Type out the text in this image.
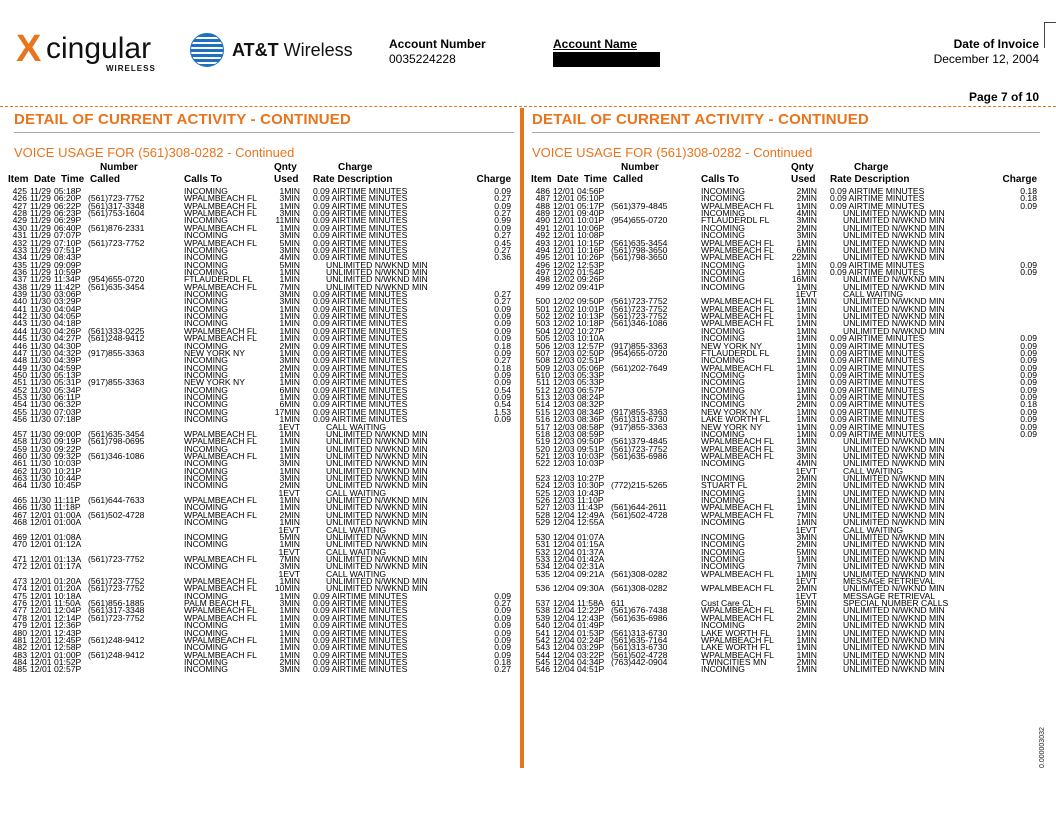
X cingular
WIRELESS
AT&T Wireless	Account Number
0035224228
Account Name	Date of Invoice
December 12, 2004
Page 7 of 10
DETAIL OF CURRENT ACTIVITY - CONTINUED
VOICE USAGE FOR (561)308-0282 - Continued
Number	Qnty	Charge
Item Date Time Called	Calls To	Used Rate Description	Charge
425 11/29 05:18P	INCOMING	1MIN 0.09 AIRTIME MINUTES	0.09
426 11/29 06:20P (561)723-7752	WPALMBEACH FL	3MIN 0.09 AIRTIME MINUTES	0.27
427 11/29 06:22P (561)317-3348	WPALMBEACH FL	1MIN 0.09 AIRTIME MINUTES	0.09
428 11/29 06:23P (561)753-1604	WPALMBEACH FL	3MIN 0.09 AIRTIME MINUTES	0.27
429 11/29 06:29P	INCOMING	11MIN 0.09 AIRTIME MINUTES	0.99
430 11/29 06:40P (561)876-2331	WPALMBEACH FL	1MIN 0.09 AIRTIME MINUTES	0.09
431 11/29 07:07P	INCOMING	3MIN 0.09 AIRTIME MINUTES	0.27
432 11/29 07:10P (561)723-7752	WPALMBEACH FL	5MIN 0.09 AIRTIME MINUTES	0.45
433 11/29 07:51P	INCOMING	3MIN 0.09 AIRTIME MINUTES	0.27
434 11/29 08:43P	INCOMING	4MIN 0.09 AIRTIME MINUTES	0.36
435 11/29 09:09P	INCOMING	5MIN	UNLIMITED N/WKND MIN
436 11/29 10:59P	INCOMING	1MIN	UNLIMITED N/WKND MIN
437 11/29 11:34P (954)655-0720	FTLAUDERDL FL	1MIN	UNLIMITED N/WKND MIN
438 11/29 11:42P (561)635-3454	WPALMBEACH FL	7MIN	UNLIMITED N/WKND MIN
439 11/30 03:06P	INCOMING	3MIN 0.09 AIRTIME MINUTES	0.27
440 11/30 03:29P	INCOMING	3MIN 0.09 AIRTIME MINUTES	0.27
441 11/30 04:04P	INCOMING	1MIN 0.09 AIRTIME MINUTES	0.09
442 11/30 04:05P	INCOMING	1MIN 0.09 AIRTIME MINUTES	0.09
443 11/30 04:18P	INCOMING	1MIN 0.09 AIRTIME MINUTES	0.09
444 11/30 04:26P (561)333-0225	WPALMBEACH FL	1MIN 0.09 AIRTIME MINUTES	0.09
445 11/30 04:27P (561)248-9412	WPALMBEACH FL	1MIN 0.09 AIRTIME MINUTES	0.09
446 11/30 04:30P	INCOMING	2MIN 0.09 AIRTIME MINUTES	0.18
447 11/30 04:32P (917)855-3363	NEW YORK NY	1MIN 0.09 AIRTIME MINUTES	0.09
448 11/30 04:39P	INCOMING	3MIN 0.09 AIRTIME MINUTES	0.27
449 11/30 04:59P	INCOMING	2MIN 0.09 AIRTIME MINUTES	0.18
450 11/30 05:13P	INCOMING	1MIN 0.09 AIRTIME MINUTES	0.09
451 11/30 05:31P (917)855-3363	NEW YORK NY	1MIN 0.09 AIRTIME MINUTES	0.09
452 11/30 05:34P	INCOMING	6MIN 0.09 AIRTIME MINUTES	0.54
453 11/30 06:11P	INCOMING	1MIN 0.09 AIRTIME MINUTES	0.09
454 11/30 06:32P	INCOMING	6MIN 0.09 AIRTIME MINUTES	0.54
455 11/30 07:03P	INCOMING	17MIN 0.09 AIRTIME MINUTES	1.53
456 11/30 07:18P	INCOMING	1MIN 0.09 AIRTIME MINUTES	0.09
1EVT	CALL WAITING
457 11/30 09:00P (561)635-3454	WPALMBEACH FL	1MIN	UNLIMITED N/WKND MIN
458 11/30 09:19P (561)798-0695	WPALMBEACH FL	1MIN	UNLIMITED N/WKND MIN
459 11/30 09:22P	INCOMING	1MIN	UNLIMITED N/WKND MIN
460 11/30 09:32P (561)346-1086	WPALMBEACH FL	1MIN	UNLIMITED N/WKND MIN
461 11/30 10:03P	INCOMING	3MIN	UNLIMITED N/WKND MIN
462 11/30 10:21P	INCOMING	1MIN	UNLIMITED N/WKND MIN
463 11/30 10:44P	INCOMING	3MIN	UNLIMITED N/WKND MIN
464 11/30 10:45P	INCOMING	2MIN	UNLIMITED N/WKND MIN
1EVT	CALL WAITING
465 11/30 11:11P (561)644-7633	WPALMBEACH FL	1MIN	UNLIMITED N/WKND MIN
466 11/30 11:18P	INCOMING	1MIN	UNLIMITED N/WKND MIN
467 12/01 01:00A (561)502-4728	WPALMBEACH FL	2MIN	UNLIMITED N/WKND MIN
468 12/01 01:00A	INCOMING	1MIN	UNLIMITED N/WKND MIN
1EVT	CALL WAITING
469 12/01 01:08A	INCOMING	5MIN	UNLIMITED N/WKND MIN
470 12/01 01:12A	INCOMING	1MIN	UNLIMITED N/WKND MIN
1EVT	CALL WAITING
471 12/01 01:13A (561)723-7752	WPALMBEACH FL	7MIN	UNLIMITED N/WKND MIN
472 12/01 01:17A	INCOMING	3MIN	UNLIMITED N/WKND MIN
1EVT	CALL WAITING
473 12/01 01:20A (561)723-7752	WPALMBEACH FL	1MIN	UNLIMITED N/WKND MIN
474 12/01 01:20A (561)723-7752	WPALMBEACH FL	10MIN	UNLIMITED N/WKND MIN
475 12/01 10:18A	INCOMING	1MIN 0.09 AIRTIME MINUTES	0.09
476 12/01 11:50A (561)856-1885	PALM BEACH FL	3MIN 0.09 AIRTIME MINUTES	0.27
477 12/01 12:04P (561)317-3348	WPALMBEACH FL	1MIN 0.09 AIRTIME MINUTES	0.09
478 12/01 12:14P (561)723-7752	WPALMBEACH FL	1MIN 0.09 AIRTIME MINUTES	0.09
479 12/01 12:36P	INCOMING	1MIN 0.09 AIRTIME MINUTES	0.09
480 12/01 12:43P	INCOMING	1MIN 0.09 AIRTIME MINUTES	0.09
481 12/01 12:45P (561)248-9412	WPALMBEACH FL	1MIN 0.09 AIRTIME MINUTES	0.09
482 12/01 12:58P	INCOMING	1MIN 0.09 AIRTIME MINUTES	0.09
483 12/01 01:00P (561)248-9412	WPALMBEACH FL	1MIN 0.09 AIRTIME MINUTES	0.09
484 12/01 01:52P	INCOMING	2MIN 0.09 AIRTIME MINUTES	0.18
485 12/01 02:57P	INCOMING	3MIN 0.09 AIRTIME MINUTES	0.27
DETAIL OF CURRENT ACTIVITY - CONTINUED
VOICE USAGE FOR (561)308-0282 - Continued
Number	Qnty	Charge
Item Date Time Called	Calls To	Used Rate Description	Charge
486 12/01 04:56P	INCOMING	2MIN 0.09 AIRTIME MINUTES	0.18
487 12/01 05:10P	INCOMING	2MIN 0.09 AIRTIME MINUTES	0.18
488 12/01 05:17P (561)379-4845	WPALMBEACH FL	1MIN 0.09 AIRTIME MINUTES	0.09
489 12/01 09:40P	INCOMING	4MIN	UNLIMITED N/WKND MIN
490 12/01 10:01P (954)655-0720	FTLAUDERDL FL	3MIN	UNLIMITED N/WKND MIN
491 12/01 10:06P	INCOMING	2MIN	UNLIMITED N/WKND MIN
492 12/01 10:08P	INCOMING	3MIN	UNLIMITED N/WKND MIN
493 12/01 10:15P (561)635-3454	WPALMBEACH FL	1MIN	UNLIMITED N/WKND MIN
494 12/01 10:16P (561)798-3650	WPALMBEACH FL	6MIN	UNLIMITED N/WKND MIN
495 12/01 10:26P (561)798-3650	WPALMBEACH FL	22MIN	UNLIMITED N/WKND MIN
496 12/02 12:53P	INCOMING	1MIN 0.09 AIRTIME MINUTES	0.09
497 12/02 01:54P	INCOMING	1MIN 0.09 AIRTIME MINUTES	0.09
498 12/02 09:26P	INCOMING	16MIN	UNLIMITED N/WKND MIN
499 12/02 09:41P	INCOMING	1MIN	UNLIMITED N/WKND MIN
1EVT	CALL WAITING
500 12/02 09:50P (561)723-7752	WPALMBEACH FL	1MIN	UNLIMITED N/WKND MIN
501 12/02 10:01P (561)723-7752	WPALMBEACH FL	1MIN	UNLIMITED N/WKND MIN
502 12/02 10:13P (561)723-7752	WPALMBEACH FL	1MIN	UNLIMITED N/WKND MIN
503 12/02 10:18P (561)346-1086	WPALMBEACH FL	1MIN	UNLIMITED N/WKND MIN
504 12/02 10:27P	INCOMING	1MIN	UNLIMITED N/WKND MIN
505 12/03 10:10A	INCOMING	1MIN 0.09 AIRTIME MINUTES	0.09
506 12/03 12:57P (917)855-3363	NEW YORK NY	1MIN 0.09 AIRTIME MINUTES	0.09
507 12/03 02:50P (954)655-0720	FTLAUDERDL FL	1MIN 0.09 AIRTIME MINUTES	0.09
508 12/03 02:51P	INCOMING	1MIN 0.09 AIRTIME MINUTES	0.09
509 12/03 05:06P (561)202-7649	WPALMBEACH FL	1MIN 0.09 AIRTIME MINUTES	0.09
510 12/03 05:33P	INCOMING	1MIN 0.09 AIRTIME MINUTES	0.09
511 12/03 05:33P	INCOMING	1MIN 0.09 AIRTIME MINUTES	0.09
512 12/03 06:57P	INCOMING	1MIN 0.09 AIRTIME MINUTES	0.09
513 12/03 08:24P	INCOMING	1MIN 0.09 AIRTIME MINUTES	0.09
514 12/03 08:32P	INCOMING	2MIN 0.09 AIRTIME MINUTES	0.18
515 12/03 08:34P (917)855-3363	NEW YORK NY	1MIN 0.09 AIRTIME MINUTES	0.09
516 12/03 08:36P (561)313-6730	LAKE WORTH FL	1MIN 0.09 AIRTIME MINUTES	0.09
517 12/03 08:58P (917)855-3363	NEW YORK NY	1MIN 0.09 AIRTIME MINUTES	0.09
518 12/03 08:59P	INCOMING	1MIN 0.09 AIRTIME MINUTES	0.09
519 12/03 09:50P (561)379-4845	WPALMBEACH FL	1MIN	UNLIMITED N/WKND MIN
520 12/03 09:51P (561)723-7752	WPALMBEACH FL	3MIN	UNLIMITED N/WKND MIN
521 12/03 10:03P (561)635-6986	WPALMBEACH FL	3MIN	UNLIMITED N/WKND MIN
522 12/03 10:03P	INCOMING	4MIN	UNLIMITED N/WKND MIN
1EVT	CALL WAITING
523 12/03 10:27P	INCOMING	2MIN	UNLIMITED N/WKND MIN
524 12/03 10:30P (772)215-5265	STUART FL	2MIN	UNLIMITED N/WKND MIN
525 12/03 10:43P	INCOMING	1MIN	UNLIMITED N/WKND MIN
526 12/03 11:10P	INCOMING	1MIN	UNLIMITED N/WKND MIN
527 12/03 11:43P (561)644-2611	WPALMBEACH FL	1MIN	UNLIMITED N/WKND MIN
528 12/04 12:49A (561)502-4728	WPALMBEACH FL	7MIN	UNLIMITED N/WKND MIN
529 12/04 12:55A	INCOMING	1MIN	UNLIMITED N/WKND MIN
1EVT	CALL WAITING
530 12/04 01:07A	INCOMING	3MIN	UNLIMITED N/WKND MIN
531 12/04 01:15A	INCOMING	2MIN	UNLIMITED N/WKND MIN
532 12/04 01:37A	INCOMING	5MIN	UNLIMITED N/WKND MIN
533 12/04 01:42A	INCOMING	1MIN	UNLIMITED N/WKND MIN
534 12/04 02:31A	INCOMING	7MIN	UNLIMITED N/WKND MIN
535 12/04 09:21A (561)308-0282	WPALMBEACH FL	1MIN	UNLIMITED N/WKND MIN
1EVT	MESSAGE RETRIEVAL
536 12/04 09:30A (561)308-0282	WPALMBEACH FL	2MIN	UNLIMITED N/WKND MIN
1EVT	MESSAGE RETRIEVAL
537 12/04 11:58A 611	Cust Care CL	5MIN	SPECIAL NUMBER CALLS
538 12/04 12:22P (561)676-7438	WPALMBEACH FL	2MIN	UNLIMITED N/WKND MIN
539 12/04 12:43P (561)635-6986	WPALMBEACH FL	2MIN	UNLIMITED N/WKND MIN
540 12/04 01:49P	INCOMING	2MIN	UNLIMITED N/WKND MIN
541 12/04 01:53P (561)313-6730	LAKE WORTH FL	1MIN	UNLIMITED N/WKND MIN
542 12/04 02:24P (561)635-7164	WPALMBEACH FL	1MIN	UNLIMITED N/WKND MIN
543 12/04 03:29P (561)313-6730	LAKE WORTH FL	1MIN	UNLIMITED N/WKND MIN
544 12/04 03:22P (561)502-4728	WPALMBEACH FL	1MIN	UNLIMITED N/WKND MIN
545 12/04 04:34P (763)442-0904	TWINCITIES MN	2MIN	UNLIMITED N/WKND MIN
546 12/04 04:51P	INCOMING	1MIN	UNLIMITED N/WKND MIN
0.000003032
